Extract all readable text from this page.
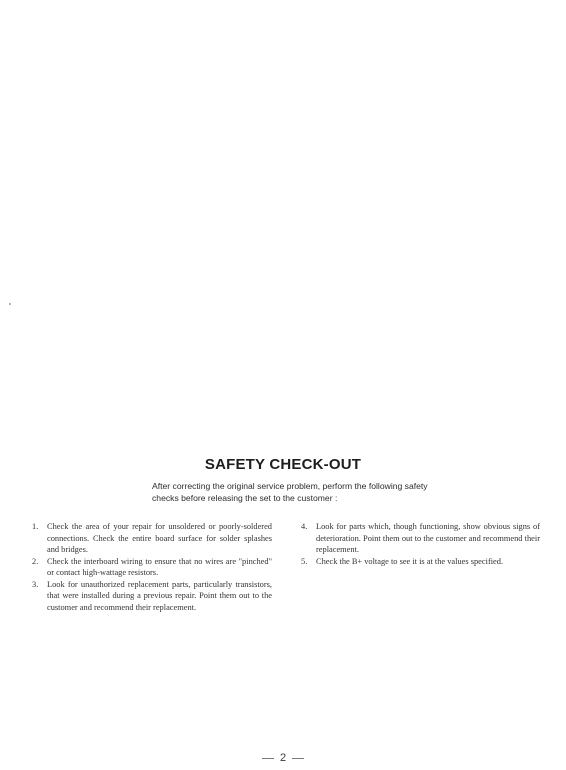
SAFETY CHECK-OUT

After correcting the original service problem, perform the following safety checks before releasing the set to the customer :

1. Check the area of your repair for unsoldered or poorly-soldered connections. Check the entire board surface for solder splashes and bridges.
2. Check the interboard wiring to ensure that no wires are "pinched" or contact high-wattage resistors.
3. Look for unauthorized replacement parts, particularly transistors, that were installed during a previous repair. Point them out to the customer and recommend their replacement.
4. Look for parts which, though functioning, show obvious signs of deterioration. Point them out to the customer and recommend their replacement.
5. Check the B+ voltage to see it is at the values specified.
2
